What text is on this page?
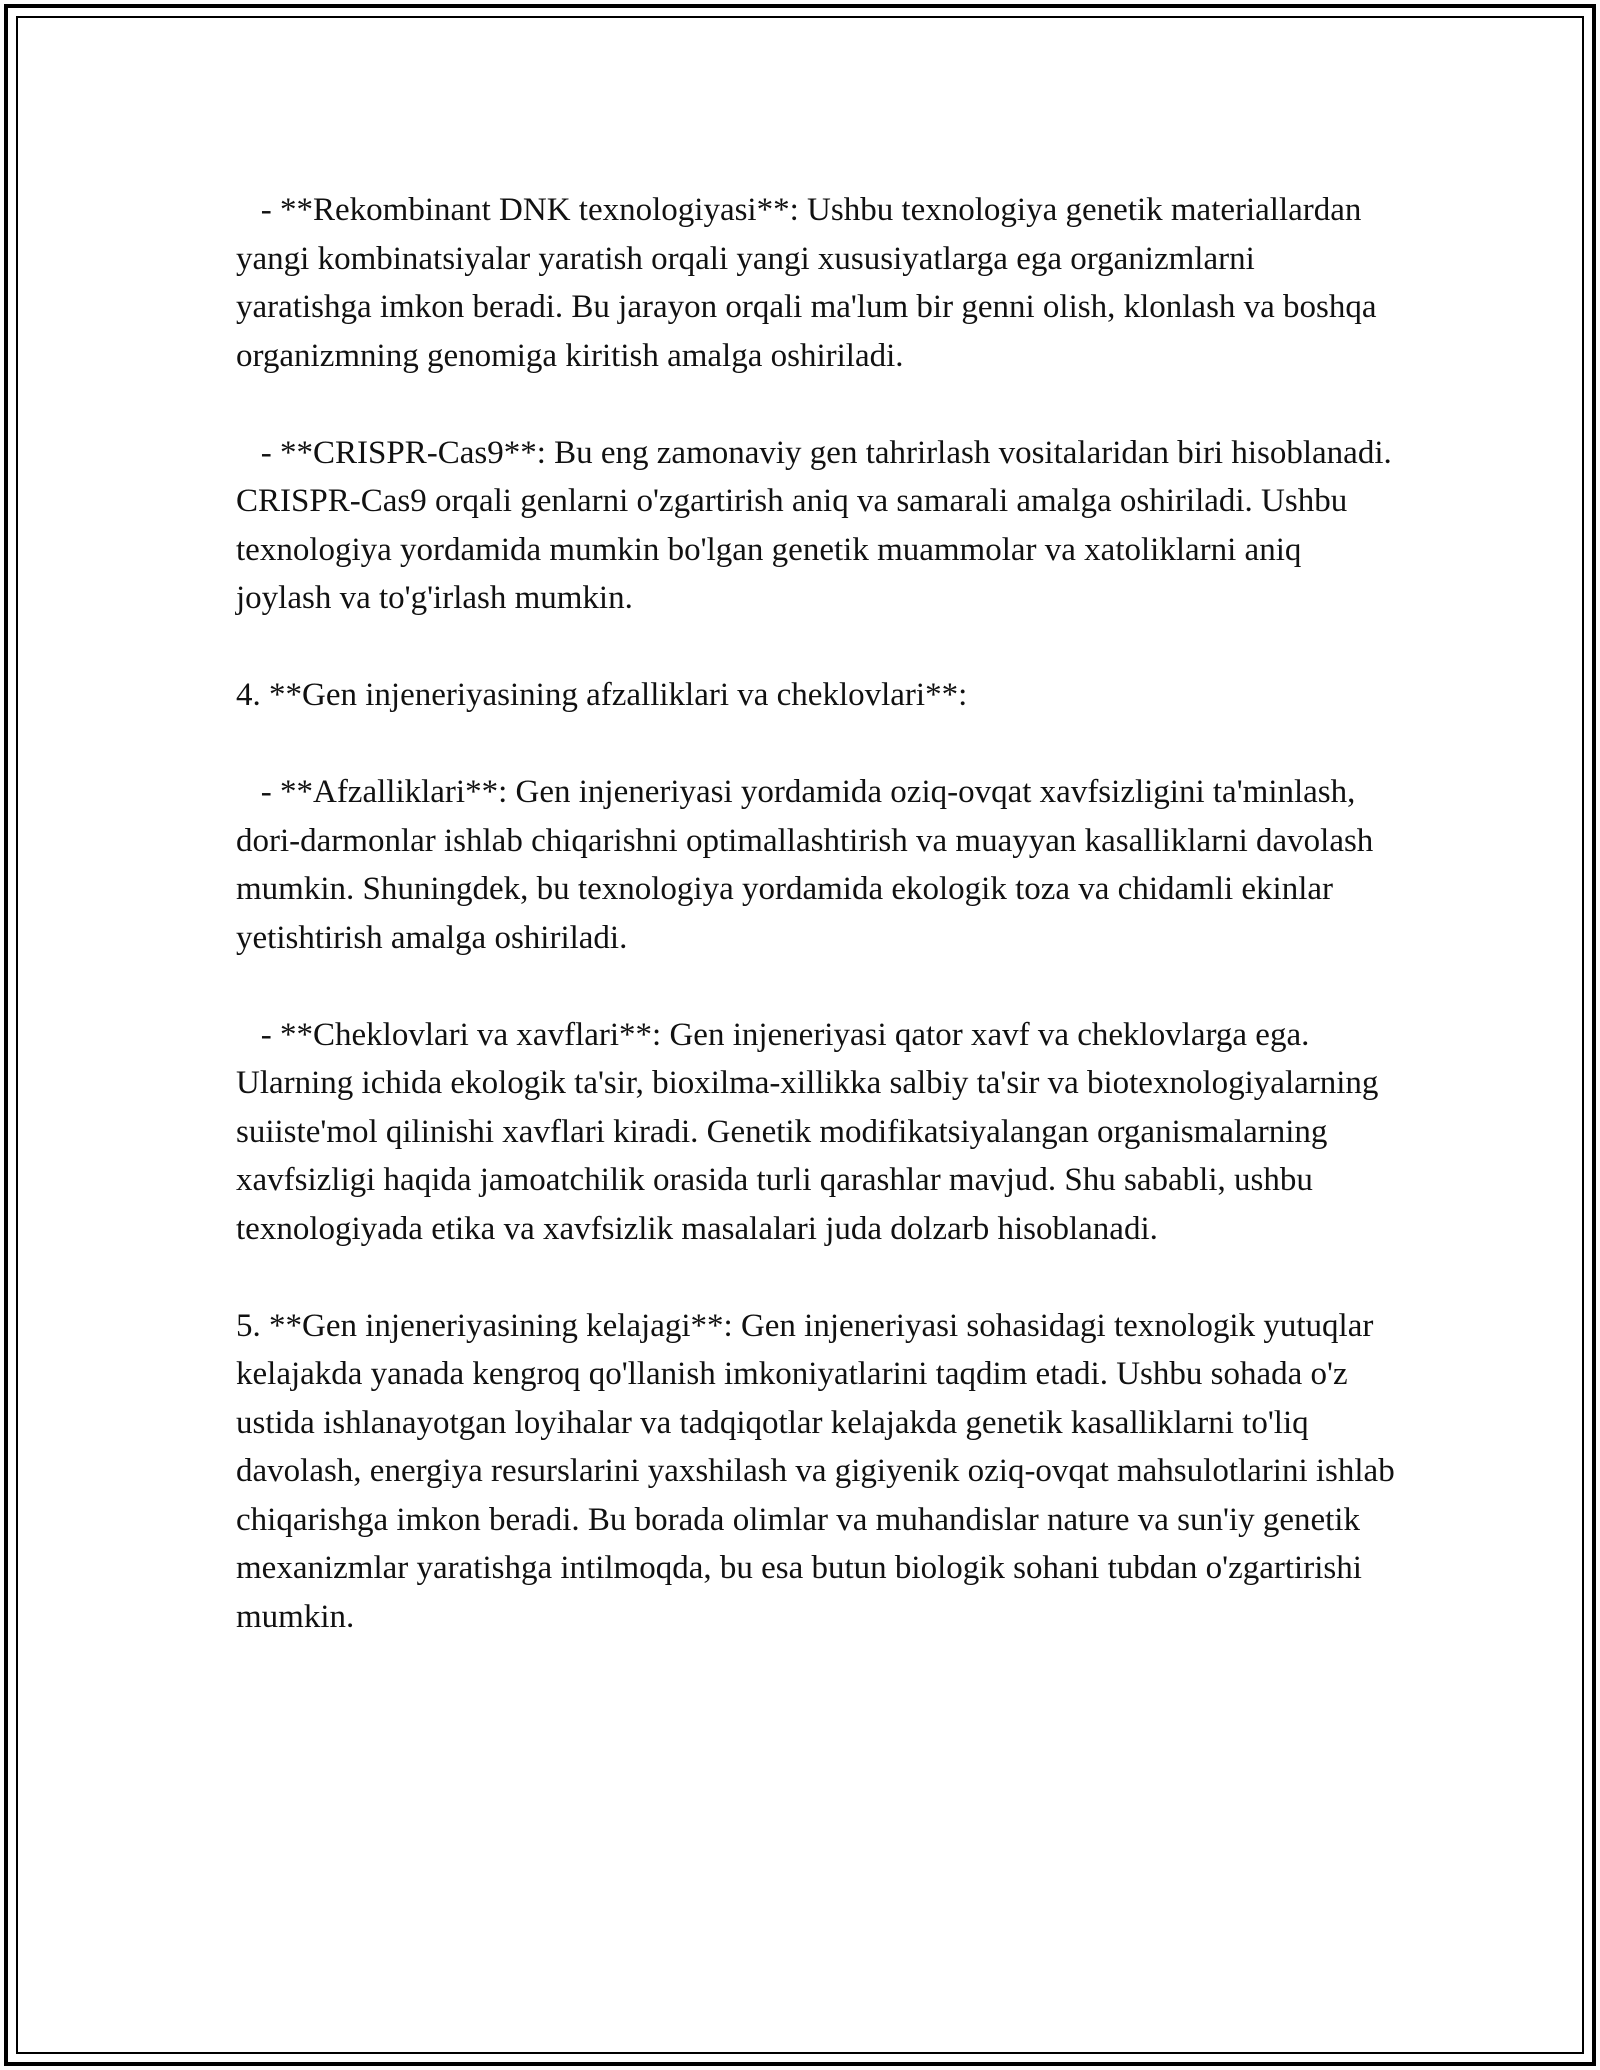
- **Rekombinant DNK texnologiyasi**: Ushbu texnologiya genetik materiallardan yangi kombinatsiyalar yaratish orqali yangi xususiyatlarga ega organizmlarni yaratishga imkon beradi. Bu jarayon orqali ma'lum bir genni olish, klonlash va boshqa organizmning genomiga kiritish amalga oshiriladi.

- **CRISPR-Cas9**: Bu eng zamonaviy gen tahrirlash vositalaridan biri hisoblanadi. CRISPR-Cas9 orqali genlarni o'zgartirish aniq va samarali amalga oshiriladi. Ushbu texnologiya yordamida mumkin bo'lgan genetik muammolar va xatoliklarni aniq joylash va to'g'irlash mumkin.

4. **Gen injeneriyasining afzalliklari va cheklovlari**:

- **Afzalliklari**: Gen injeneriyasi yordamida oziq-ovqat xavfsizligini ta'minlash, dori-darmonlar ishlab chiqarishni optimallashtirish va muayyan kasalliklarni davolash mumkin. Shuningdek, bu texnologiya yordamida ekologik toza va chidamli ekinlar yetishtirish amalga oshiriladi.

- **Cheklovlari va xavflari**: Gen injeneriyasi qator xavf va cheklovlarga ega. Ularning ichida ekologik ta'sir, bioxilma-xillikka salbiy ta'sir va biotexnologiyalarning suiiste'mol qilinishi xavflari kiradi. Genetik modifikatsiyalangan organismalarning xavfsizligi haqida jamoatchilik orasida turli qarashlar mavjud. Shu sababli, ushbu texnologiyada etika va xavfsizlik masalalari juda dolzarb hisoblanadi.

5. **Gen injeneriyasining kelajagi**: Gen injeneriyasi sohasidagi texnologik yutuqlar kelajakda yanada kengroq qo'llanish imkoniyatlarini taqdim etadi. Ushbu sohada o'z ustida ishlanayotgan loyihalar va tadqiqotlar kelajakda genetik kasalliklarni to'liq davolash, energiya resurslarini yaxshilash va gigiyenik oziq-ovqat mahsulotlarini ishlab chiqarishga imkon beradi. Bu borada olimlar va muhandislar nature va sun'iy genetik mexanizmlar yaratishga intilmoqda, bu esa butun biologik sohani tubdan o'zgartirishi mumkin.
